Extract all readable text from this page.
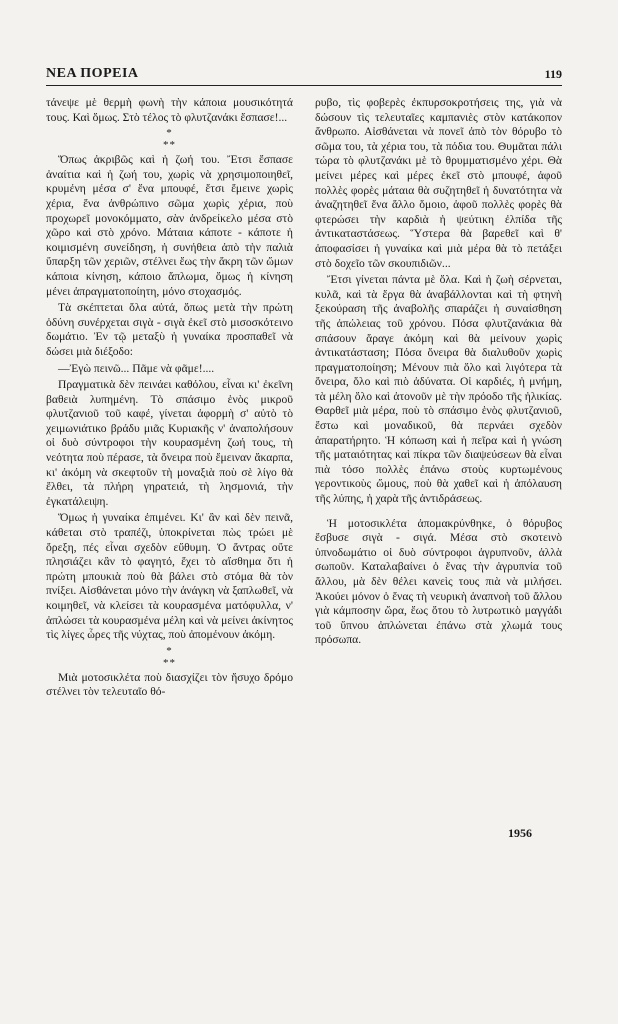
ΝΕΑ ΠΟΡΕΙΑ	119

τάνεψε μὲ θερμὴ φωνὴ τὴν κάποια μουσικότητά τους. Καὶ ὅμως. Στὸ τέλος τὸ φλυτζανάκι ἔσπασε!...

*
**

Ὅπως ἀκριβῶς καὶ ἡ ζωή του. Ἔτσι ἔσπασε ἀναίτια καὶ ἡ ζωή του, χωρὶς νὰ χρησιμοποιηθεῖ, κρυμένη μέσα σ' ἕνα μπουφέ, ἔτσι ἔμεινε χωρὶς χέρια, ἕνα ἀνθρώπινο σῶμα χωρὶς χέρια, ποὺ προχωρεῖ μονοκόμματο, σὰν ἀνδρείκελο μέσα στὸ χῶρο καὶ στὸ χρόνο. Μάταια κάποτε - κάποτε ἡ κοιμισμένη συνείδηση, ἡ συνήθεια ἀπὸ τὴν παλιὰ ὕπαρξη τῶν χεριῶν, στέλνει ἕως τὴν ἄκρη τῶν ὤμων κάποια κίνηση, κάποιο ἄπλωμα, ὅμως ἡ κίνηση μένει ἀπραγματοποίητη, μόνο στοχασμός.

Τὰ σκέπτεται ὅλα αὐτά, ὅπως μετὰ τὴν πρώτη ὀδύνη συνέρχεται σιγὰ - σιγὰ ἐκεῖ στὸ μισοσκότεινο δωμάτιο. Ἐν τῷ μεταξὺ ἡ γυναίκα προσπαθεῖ νὰ δώσει μιὰ διέξοδο:

—Ἐγὼ πεινῶ... Πᾶμε νὰ φᾶμε!....

Πραγματικὰ δὲν πεινάει καθόλου, εἶναι κι' ἐκεῖνη βαθειὰ λυπημένη. Τὸ σπάσιμο ἑνὸς μικροῦ φλυτζανιοῦ τοῦ καφέ, γίνεται ἀφορμὴ σ' αὐτὸ τὸ χειμωνιάτικο βράδυ μιᾶς Κυριακῆς ν' ἀναπολήσουν οἱ δυὸ σύντροφοι τὴν κουρασμένη ζωή τους, τὴ νεότητα ποὺ πέρασε, τὰ ὄνειρα ποὺ ἔμειναν ἄκαρπα, κι' ἀκόμη νὰ σκεφτοῦν τὴ μοναξιὰ ποὺ σὲ λίγο θὰ ἔλθει, τὰ πλήρη γηρατειά, τὴ λησμονιά, τὴν ἐγκατάλειψη.

Ὅμως ἡ γυναίκα ἐπιμένει. Κι' ἂν καὶ δὲν πεινᾶ, κάθεται στὸ τραπέζι, ὑποκρίνεται πὼς τρώει μὲ ὄρεξη, πές εἶναι σχεδὸν εὔθυμη. Ὁ ἄντρας οὔτε πλησιάζει κἂν τὸ φαγητό, ἔχει τὸ αἴσθημα ὅτι ἡ πρώτη μπουκιὰ ποὺ θὰ βάλει στὸ στόμα θὰ τὸν πνίξει. Αἰσθάνεται μόνο τὴν ἀνάγκη νὰ ξαπλωθεῖ, νὰ κοιμηθεῖ, νὰ κλείσει τὰ κουρασμένα ματόφυλλα, ν' ἁπλώσει τὰ κουρασμένα μέλη καὶ νὰ μείνει ἀκίνητος τὶς λίγες ὧρες τῆς νύχτας, ποὺ ἀπομένουν ἀκόμη.

*
**

Μιὰ μοτοσικλέτα ποὺ διασχίζει τὸν ἥσυχο δρόμο στέλνει τὸν τελευταῖο θό-

ρυβο, τὶς φοβερὲς ἐκπυρσοκροτήσεις της, γιὰ νὰ δώσουν τὶς τελευταῖες καμπανιὲς στὸν κατάκοπον ἄνθρωπο. Αἰσθάνεται νὰ πονεῖ ἀπὸ τὸν θόρυβο τὸ σῶμα του, τὰ χέρια του, τὰ πόδια του. Θυμᾶται πάλι τώρα τὸ φλυτζανάκι μὲ τὸ θρυμματισμένο χέρι. Θὰ μείνει μέρες καὶ μέρες ἐκεῖ στὸ μπουφέ, ἀφοῦ πολλὲς φορὲς μάταια θὰ συζητηθεῖ ἡ δυνατότητα νὰ ἀναζητηθεῖ ἕνα ἄλλο ὅμοιο, ἀφοῦ πολλὲς φορὲς θὰ φτερώσει τὴν καρδιὰ ἡ ψεύτικη ἐλπίδα τῆς ἀντικαταστάσεως. Ὕστερα θὰ βαρεθεῖ καὶ θ' ἀποφασίσει ἡ γυναίκα καὶ μιὰ μέρα θὰ τὸ πετάξει στὸ δοχεῖο τῶν σκουπιδιῶν...

Ἔτσι γίνεται πάντα μὲ ὅλα. Καὶ ἡ ζωὴ σέρνεται, κυλᾶ, καὶ τὰ ἔργα θὰ ἀναβάλλονται καὶ τὴ φτηνὴ ξεκούραση τῆς ἀναβολῆς σπαράζει ἡ συναίσθηση τῆς ἀπώλειας τοῦ χρόνου. Πόσα φλυτζανάκια θὰ σπάσουν ἄραγε ἀκόμη καὶ θὰ μείνουν χωρὶς ἀντικατάσταση; Πόσα ὄνειρα θὰ διαλυθοῦν χωρὶς πραγματοποίηση; Μένουν πιὰ ὅλο καὶ λιγότερα τὰ ὄνειρα, ὅλο καὶ πιὸ ἀδύνατα. Οἱ καρδιές, ἡ μνήμη, τὰ μέλη ὅλο καὶ ἀτονοῦν μὲ τὴν πρόοδο τῆς ἡλικίας. Θαρθεῖ μιὰ μέρα, ποὺ τὸ σπάσιμο ἑνὸς φλυτζανιοῦ, ἔστω καὶ μοναδικοῦ, θὰ περνάει σχεδὸν ἀπαρατήρητο. Ἡ κόπωση καὶ ἡ πεῖρα καὶ ἡ γνώση τῆς ματαιότητας καὶ πίκρα τῶν διαψεύσεων θὰ εἶναι πιὰ τόσο πολλὲς ἐπάνω στοὺς κυρτωμένους γεροντικοὺς ὤμους, ποὺ θὰ χαθεῖ καὶ ἡ ἀπόλαυση τῆς λύπης, ἡ χαρὰ τῆς ἀντιδράσεως.

Ἡ μοτοσικλέτα ἀπομακρύνθηκε, ὁ θόρυβος ἔσβυσε σιγὰ - σιγά. Μέσα στὸ σκοτεινὸ ὑπνοδωμάτιο οἱ δυὸ σύντροφοι ἀγρυπνοῦν, ἀλλὰ σωποῦν. Καταλαβαίνει ὁ ἕνας τὴν ἀγρυπνία τοῦ ἄλλου, μὰ δὲν θέλει κανεὶς τους πιὰ νὰ μιλήσει. Ἀκούει μόνον ὁ ἕνας τὴ νευρικὴ ἀναπνοὴ τοῦ ἄλλου γιὰ κάμποσην ὥρα, ἕως ὅτου τὸ λυτρωτικὸ μαγγάδι τοῦ ὕπνου ἁπλώνεται ἐπάνω στὰ χλωμά τους πρόσωπα.

1956
